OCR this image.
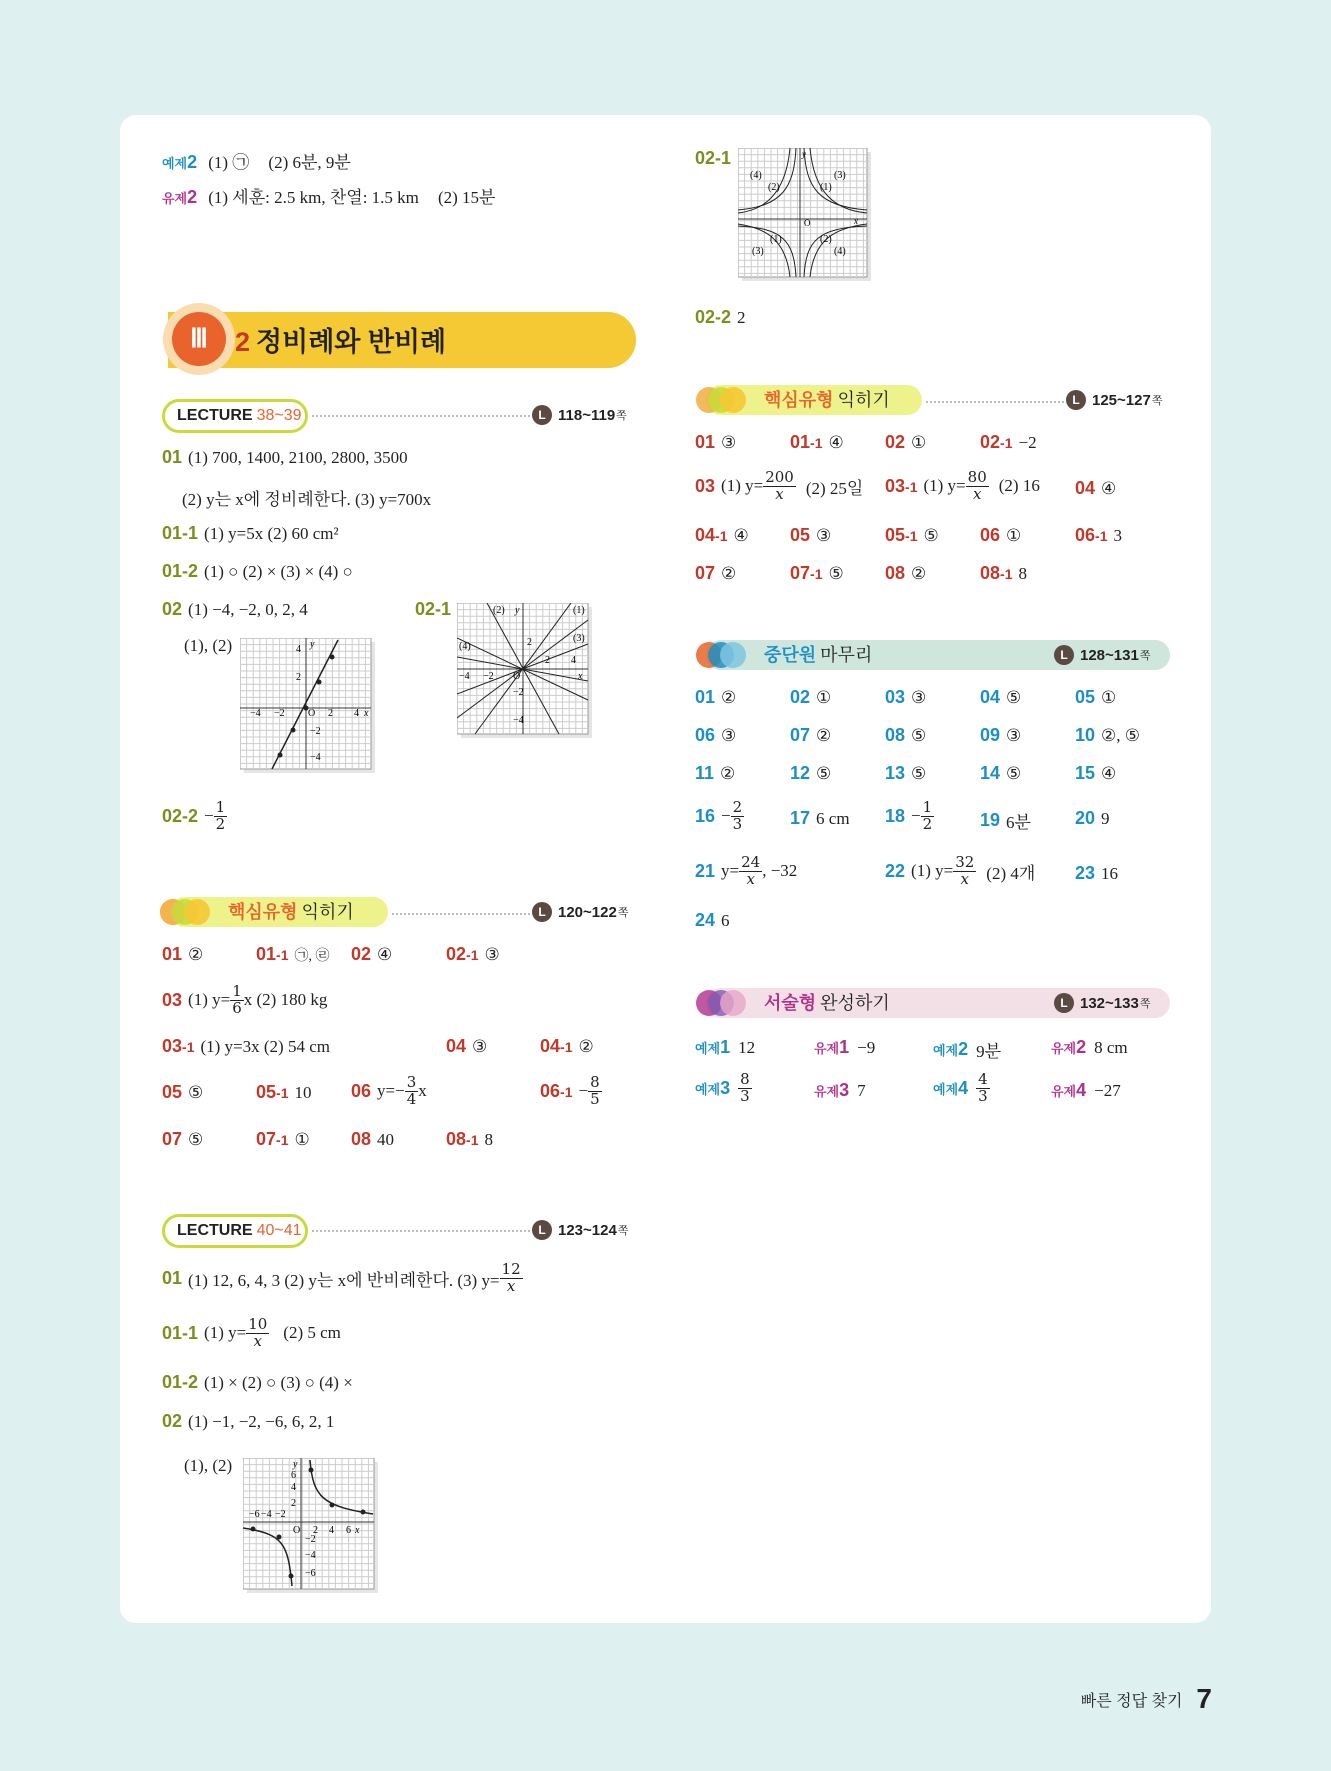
예제2 (1) ㉠ (2) 6분, 9분
유제2 (1) 세훈: 2.5 km, 찬열: 1.5 km (2) 15분
Ⅲ	2 정비례와 반비례
LECTURE 38~39	L 118~119 쪽
01 (1) 700, 1400, 2100, 2800, 3500
(2) y는 x에 정비례한다. (3) y=700x
01-1 (1) y=5x (2) 60 cm²
01-2 (1) ○ (2) × (3) × (4) ○
02 (1) −4, −2, 0, 2, 4
(1), (2)
−4 −2 O 2 4 x
4
2
−2
−4
y
02-1	(2) y	(1)
(3)
(4)	2
4
x
−4 −2 O
2
−2
−4
$02-2 - \frac{1}{2}$
핵심유형 익히기	L 120~122 쪽
01 ②	01-1 ㉠, ㉣ 02 ④	02-1 ③
03 (1) $y= \frac{1}{6}$ x (2) 180 kg
03-1 (1) y=3x (2) 54 cm	04 ③	04-1 ②
05 ⑤	05-1 10 06 $y=- \frac{3}{4}$ x	$06-1 - \frac{8}{5}$
07 ⑤	07-1 ① 08 40	08-1 8
LECTURE 40~41	L 123~124 쪽
01 (1) 12, 6, 4, 3 (2) y는 x에 반비례한다. (3) $y= \frac{12}{x}$
01-1 (1) $y= \frac{10}{x} (2)$ 5 cm
01-2 (1) × (2) ○ (3) ○ (4) ×
02 (1) −1, −2, −6, 6, 2, 1
(1), (2)
−6 −4 −2
O 2 4 6 x
6
4
2
y
−2
−4
−6
02-1
(4)
(2)
(3)
(1)
(1)
(3)
(2)
(4)
O
y
x
02-2 2
핵심유형 익히기	L 125~127 쪽
01 ③	01-1 ④ 02 ①	02-1 −2
03 (1) $y= \frac{200}{x} (2)$ 25일 03-1 (1) $y= \frac{80}{x} (2)$ 16 04 ④
04-1 ④ 05 ③	05-1 ⑤ 06 ①	06-1 3
07 ②	07-1 ⑤ 08 ②	08-1 8
중단원 마무리	L 128~131 쪽
01 ②	02 ①	03 ③	04 ⑤	05 ①
06 ③	07 ②	08 ⑤	09 ③	10 ②, ⑤
11 ②	12 ⑤	13 ⑤	14 ⑤	15 ④
$16 - \frac{2}{3}$	17 6 cm $18 - \frac{1}{2}$	19 6분 20 9
21 $y= \frac{24}{x}$ , −32	22 (1) $y= \frac{32}{x} (2)$ 4개 23 16
24 6
서술형 완성하기	L 132~133 쪽
예제1 12	유제1 −9	예제2 9분	유제2 8 cm
예제$3 \frac{8}{3}$	유제3 7	예제$4 \frac{4}{3}$	유제4 −27
빠른 정답 찾기 7
